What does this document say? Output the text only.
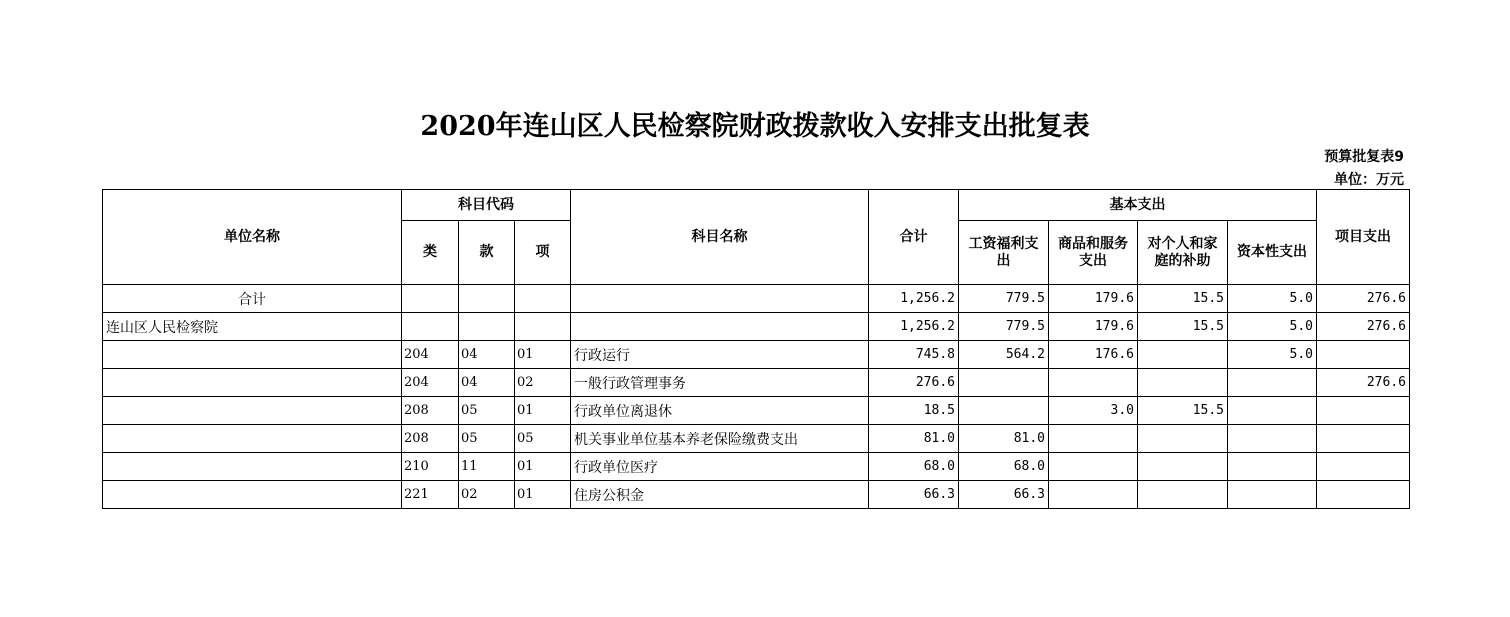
2020年连山区人民检察院财政拨款收入安排支出批复表
预算批复表9
单位：万元
单位名称	科目代码			科目名称	合计	基本支出				项目支出
	类	款	项			工资福利支出	商品和服务支出	对个人和家庭的补助	资本性支出	
合计					1,256.2	779.5	179.6	15.5	5.0	276.6
连山区人民检察院					1,256.2	779.5	179.6	15.5	5.0	276.6
	204	04	01	行政运行	745.8	564.2	176.6		5.0	
	204	04	02	一般行政管理事务	276.6					276.6
	208	05	01	行政单位离退休	18.5		3.0	15.5		
	208	05	05	机关事业单位基本养老保险缴费支出	81.0	81.0				
	210	11	01	行政单位医疗	68.0	68.0				
	221	02	01	住房公积金	66.3	66.3				
